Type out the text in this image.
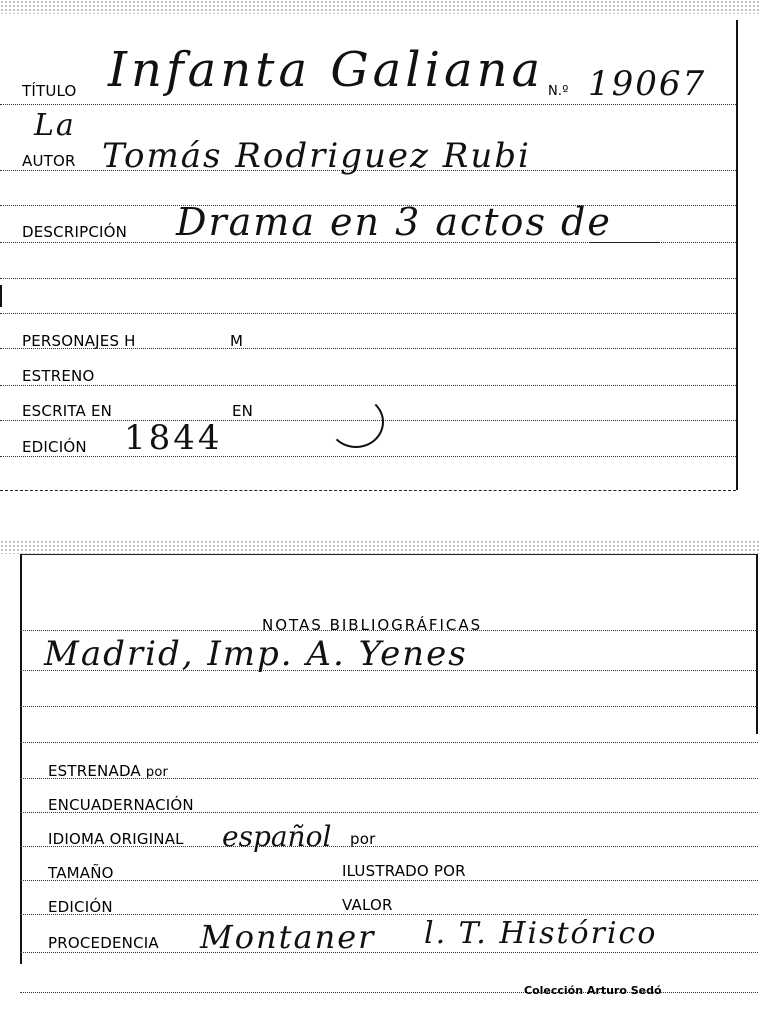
TÍTULO Infanta Galiana N.º 19067
La
AUTOR Tomás Rodriguez Rubi
DESCRIPCIÓN Drama en 3 actos de
PERSONAJES H	M
ESTRENO
ESCRITA EN	EN
EDICIÓN 1844
NOTAS BIBLIOGRÁFICAS
Madrid, Imp. A. Yenes
ESTRENADA por
ENCUADERNACIÓN
IDIOMA ORIGINAL español por
TAMAÑO	ILUSTRADO POR
EDICIÓN	VALOR
PROCEDENCIA Montaner l. T. Histórico
Colección Arturo Sedó
